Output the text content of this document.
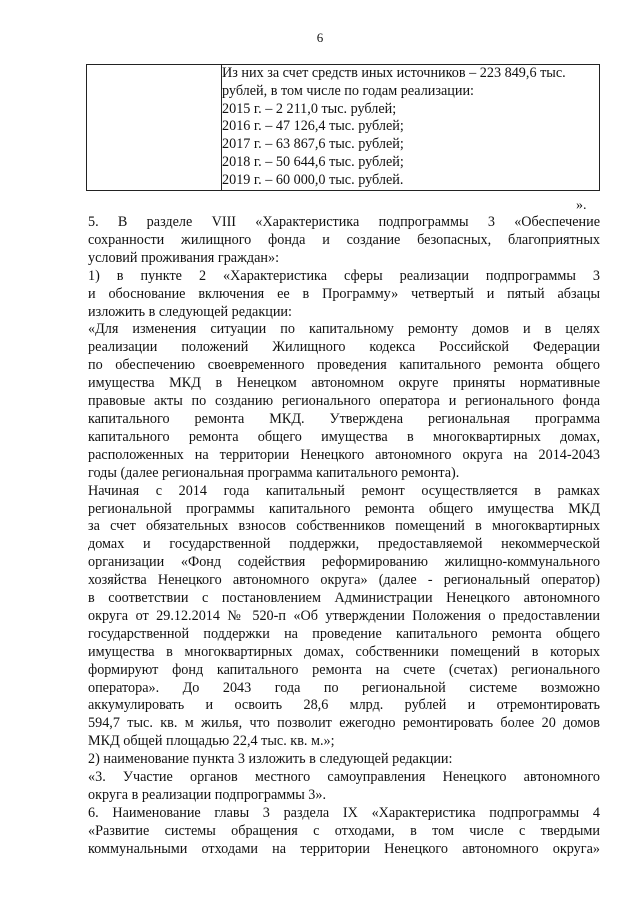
6

Из них за счет средств иных источников – 223 849,6 тыс.
рублей, в том числе по годам реализации:
2015 г. – 2 211,0 тыс. рублей;
2016 г. – 47 126,4 тыс. рублей;
2017 г. – 63 867,6 тыс. рублей;
2018 г. – 50 644,6 тыс. рублей;
2019 г. – 60 000,0 тыс. рублей.
».
5. В разделе VIII «Характеристика подпрограммы 3 «Обеспечение
сохранности жилищного фонда и создание безопасных, благоприятных
условий проживания граждан»:
1) в пункте 2 «Характеристика сферы реализации подпрограммы 3
и обоснование включения ее в Программу» четвертый и пятый абзацы
изложить в следующей редакции:
«Для изменения ситуации по капитальному ремонту домов и в целях
реализации положений Жилищного кодекса Российской Федерации
по обеспечению своевременного проведения капитального ремонта общего
имущества МКД в Ненецком автономном округе приняты нормативные
правовые акты по созданию регионального оператора и регионального фонда
капитального ремонта МКД. Утверждена региональная программа
капитального ремонта общего имущества в многоквартирных домах,
расположенных на территории Ненецкого автономного округа на 2014-2043
годы (далее региональная программа капитального ремонта).
Начиная с 2014 года капитальный ремонт осуществляется в рамках
региональной программы капитального ремонта общего имущества МКД
за счет обязательных взносов собственников помещений в многоквартирных
домах и государственной поддержки, предоставляемой некоммерческой
организации «Фонд содействия реформированию жилищно-коммунального
хозяйства Ненецкого автономного округа» (далее - региональный оператор)
в соответствии с постановлением Администрации Ненецкого автономного
округа от 29.12.2014 № 520-п «Об утверждении Положения о предоставлении
государственной поддержки на проведение капитального ремонта общего
имущества в многоквартирных домах, собственники помещений в которых
формируют фонд капитального ремонта на счете (счетах) регионального
оператора». До 2043 года по региональной системе возможно
аккумулировать и освоить 28,6 млрд. рублей и отремонтировать
594,7 тыс. кв. м жилья, что позволит ежегодно ремонтировать более 20 домов
МКД общей площадью 22,4 тыс. кв. м.»;
2) наименование пункта 3 изложить в следующей редакции:
«3. Участие органов местного самоуправления Ненецкого автономного
округа в реализации подпрограммы 3».
6. Наименование главы 3 раздела IX «Характеристика подпрограммы 4
«Развитие системы обращения с отходами, в том числе с твердыми
коммунальными отходами на территории Ненецкого автономного округа»
